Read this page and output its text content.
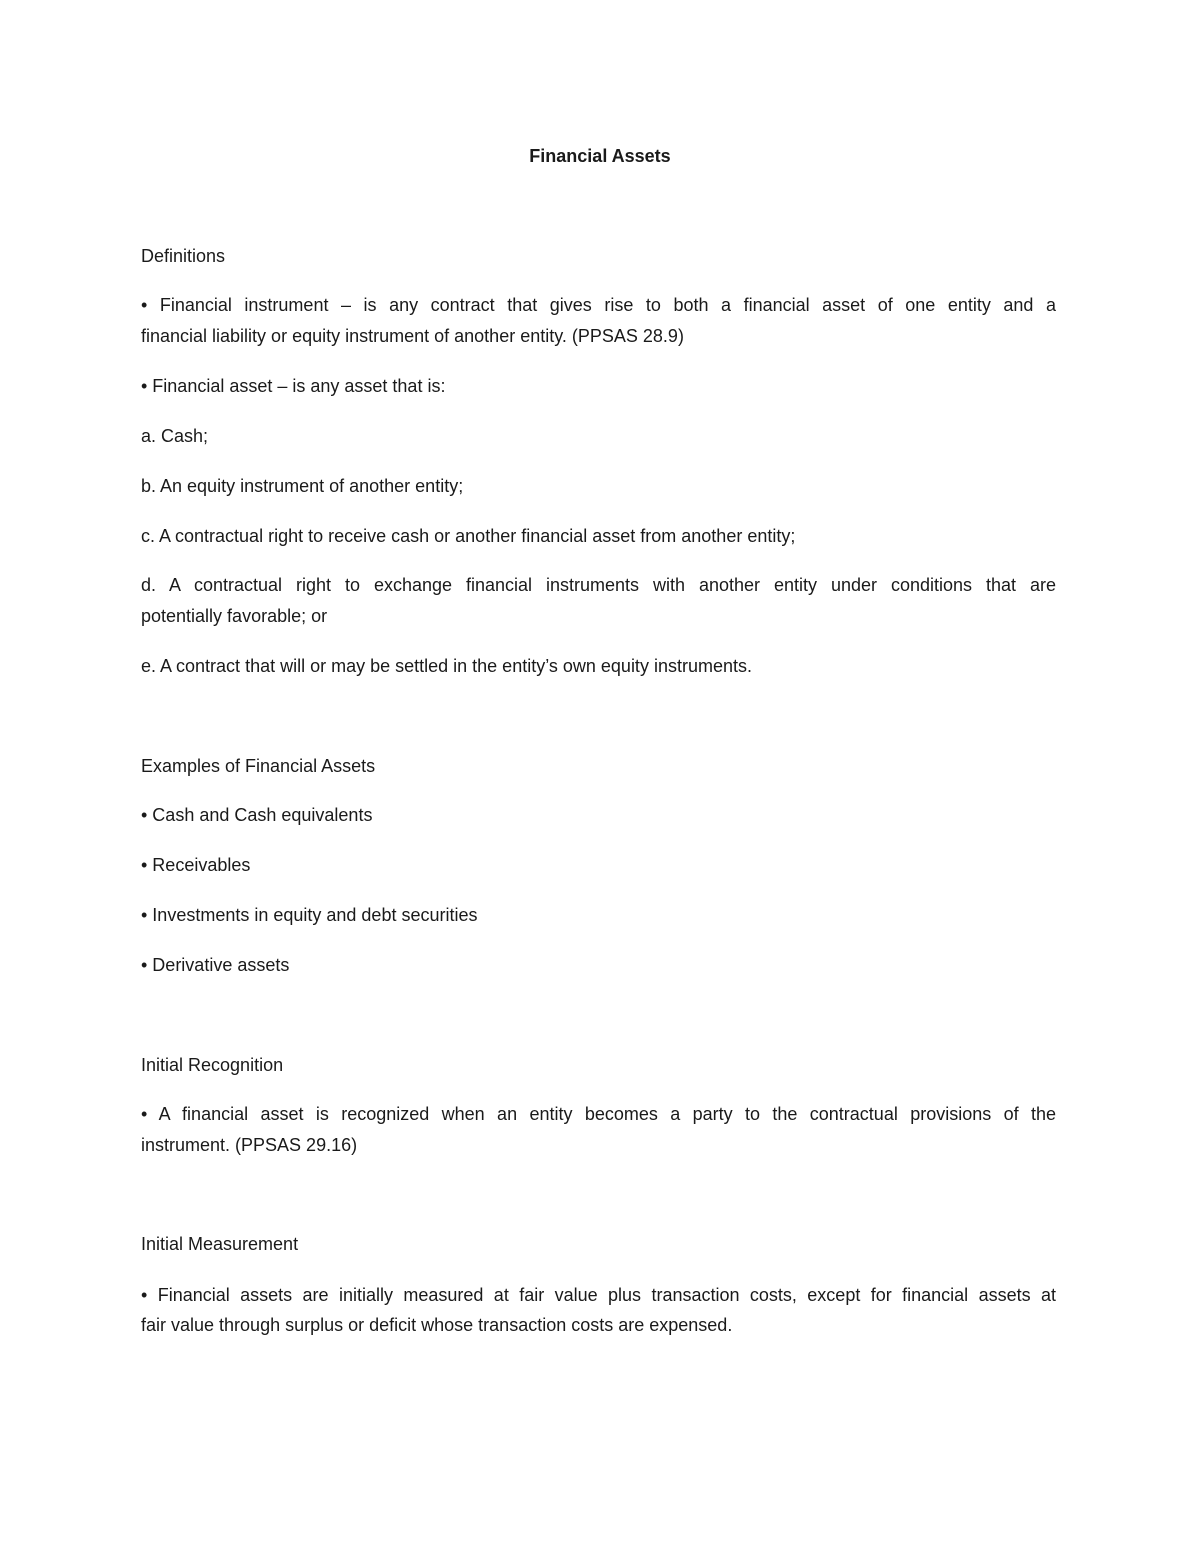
Financial Assets
Definitions
• Financial instrument – is any contract that gives rise to both a financial asset of one entity and a
financial liability or equity instrument of another entity. (PPSAS 28.9)
• Financial asset – is any asset that is:
a. Cash;
b. An equity instrument of another entity;
c. A contractual right to receive cash or another financial asset from another entity;
d. A contractual right to exchange financial instruments with another entity under conditions that are
potentially favorable; or
e. A contract that will or may be settled in the entity’s own equity instruments.
Examples of Financial Assets
• Cash and Cash equivalents
• Receivables
• Investments in equity and debt securities
• Derivative assets
Initial Recognition
• A financial asset is recognized when an entity becomes a party to the contractual provisions of the
instrument. (PPSAS 29.16)
Initial Measurement
• Financial assets are initially measured at fair value plus transaction costs, except for financial assets at
fair value through surplus or deficit whose transaction costs are expensed.
